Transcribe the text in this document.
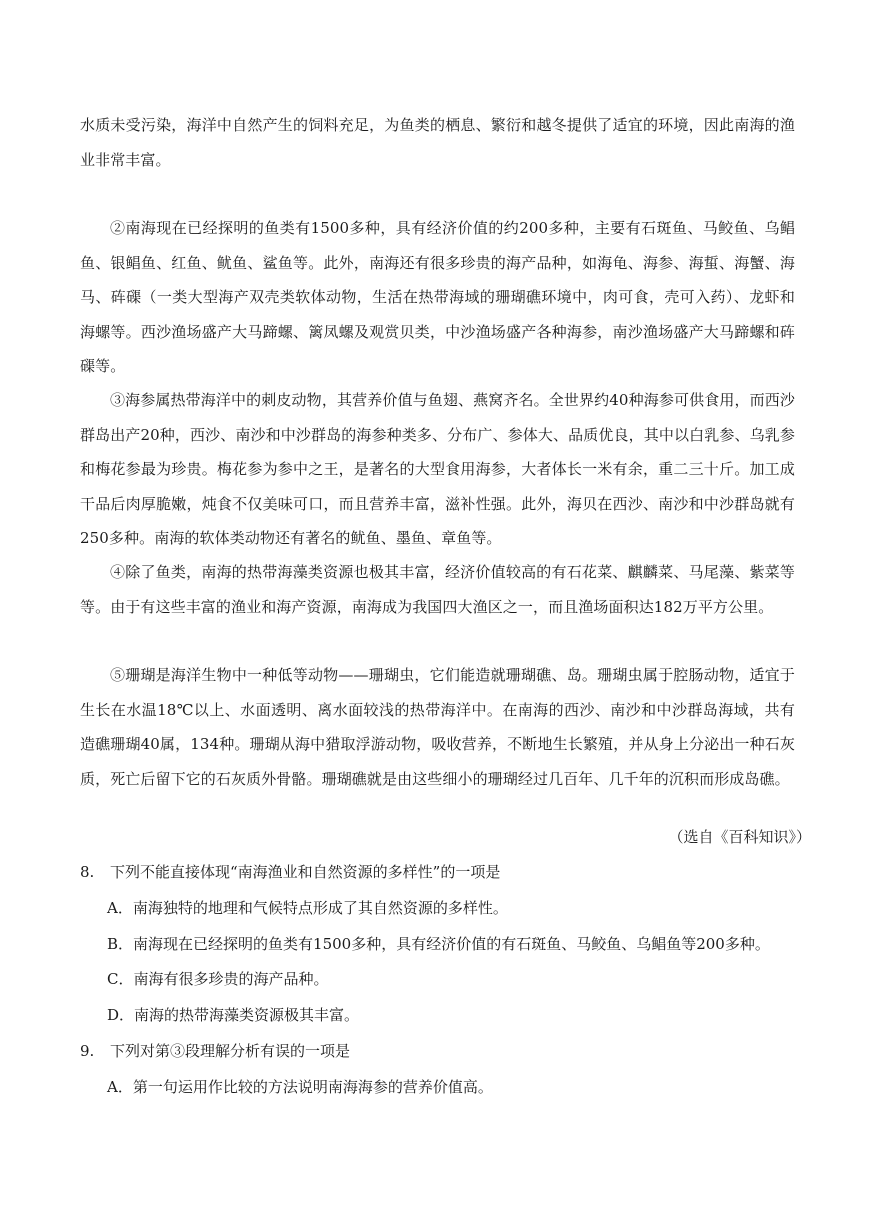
水质未受污染，海洋中自然产生的饲料充足，为鱼类的栖息、繁衍和越冬提供了适宜的环境，因此南海的渔业非常丰富。

②南海现在已经探明的鱼类有1500多种，具有经济价值的约200多种，主要有石斑鱼、马鲛鱼、乌鲳鱼、银鲳鱼、红鱼、鱿鱼、鲨鱼等。此外，南海还有很多珍贵的海产品种，如海龟、海参、海蜇、海蟹、海马、砗磲（一类大型海产双壳类软体动物，生活在热带海域的珊瑚礁环境中，肉可食，壳可入药）、龙虾和海螺等。西沙渔场盛产大马蹄螺、篱凤螺及观赏贝类，中沙渔场盛产各种海参，南沙渔场盛产大马蹄螺和砗磲等。

③海参属热带海洋中的刺皮动物，其营养价值与鱼翅、燕窝齐名。全世界约40种海参可供食用，而西沙群岛出产20种，西沙、南沙和中沙群岛的海参种类多、分布广、参体大、品质优良，其中以白乳参、乌乳参和梅花参最为珍贵。梅花参为参中之王，是著名的大型食用海参，大者体长一米有余，重二三十斤。加工成干品后肉厚脆嫩，炖食不仅美味可口，而且营养丰富，滋补性强。此外，海贝在西沙、南沙和中沙群岛就有250多种。南海的软体类动物还有著名的鱿鱼、墨鱼、章鱼等。

④除了鱼类，南海的热带海藻类资源也极其丰富，经济价值较高的有石花菜、麒麟菜、马尾藻、紫菜等等。由于有这些丰富的渔业和海产资源，南海成为我国四大渔区之一，而且渔场面积达182万平方公里。

⑤珊瑚是海洋生物中一种低等动物——珊瑚虫，它们能造就珊瑚礁、岛。珊瑚虫属于腔肠动物，适宜于生长在水温18℃以上、水面透明、离水面较浅的热带海洋中。在南海的西沙、南沙和中沙群岛海域，共有造礁珊瑚40属，134种。珊瑚从海中猎取浮游动物，吸收营养，不断地生长繁殖，并从身上分泌出一种石灰质，死亡后留下它的石灰质外骨骼。珊瑚礁就是由这些细小的珊瑚经过几百年、几千年的沉积而形成岛礁。

（选自《百科知识》）
8. 下列不能直接体现“南海渔业和自然资源的多样性”的一项是
A．南海独特的地理和气候特点形成了其自然资源的多样性。
B．南海现在已经探明的鱼类有1500多种，具有经济价值的有石斑鱼、马鲛鱼、乌鲳鱼等200多种。
C．南海有很多珍贵的海产品种。
D．南海的热带海藻类资源极其丰富。
9. 下列对第③段理解分析有误的一项是
A．第一句运用作比较的方法说明南海海参的营养价值高。
